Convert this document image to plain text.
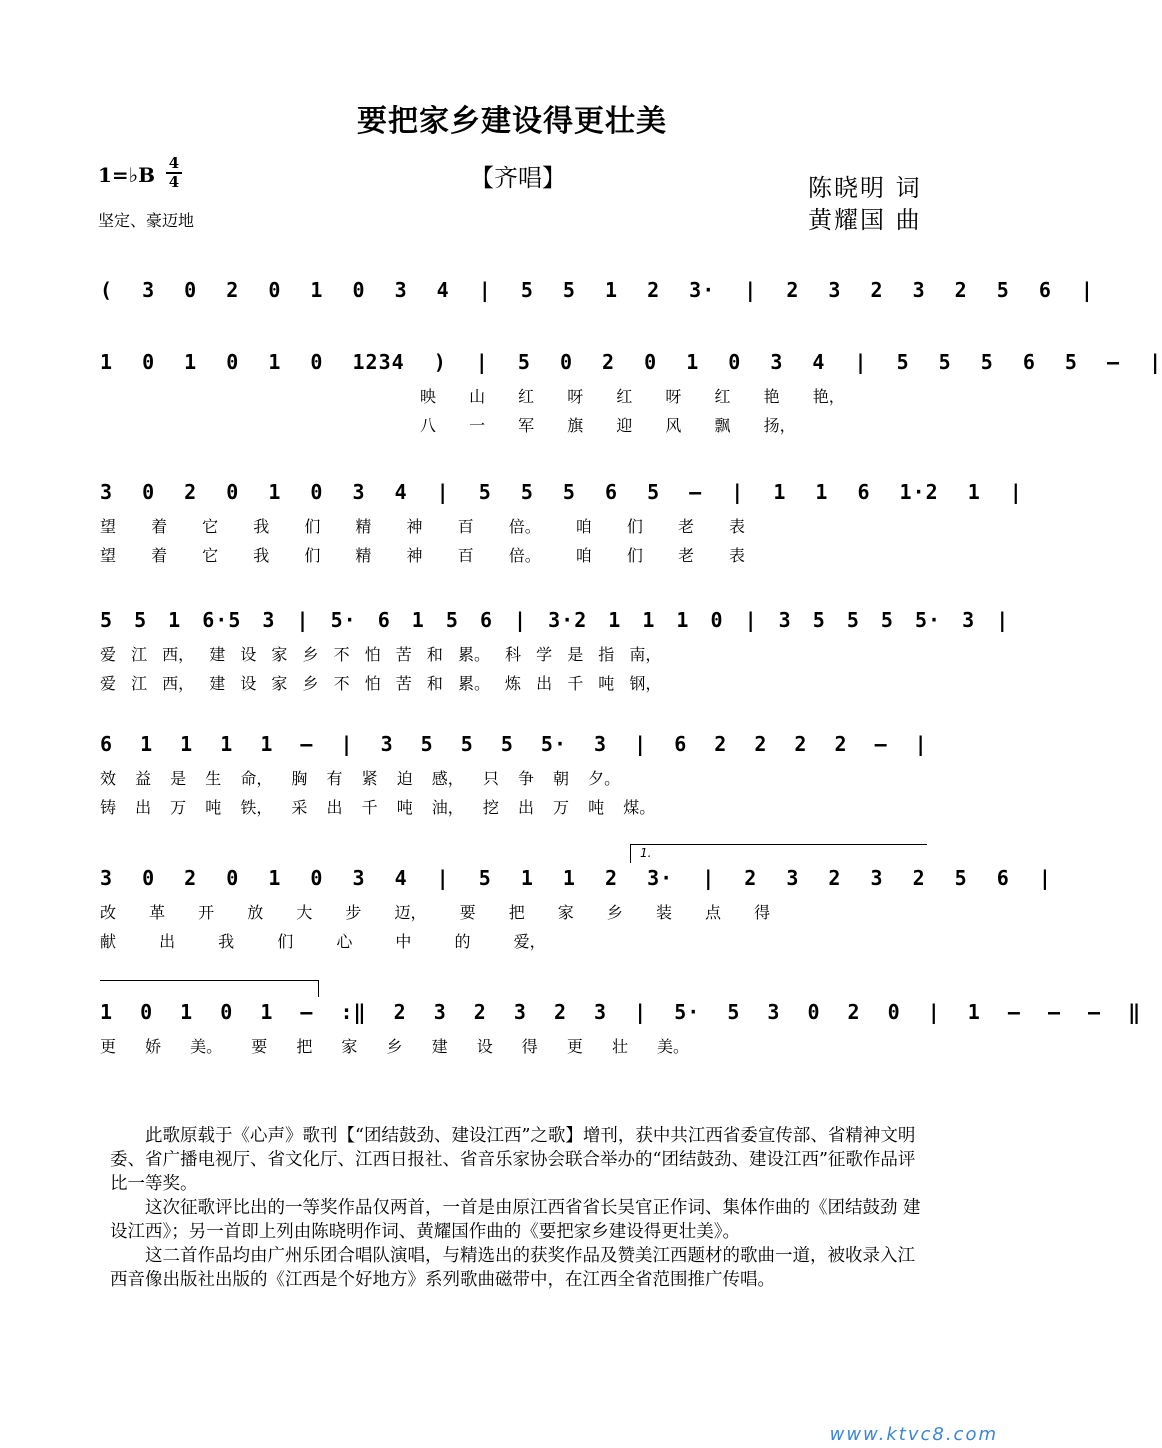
要把家乡建设得更壮美
1=♭B 4
4
坚定、豪迈地
【齐唱】	陈晓明 词
黄耀国 曲
( 3 0 2 0 1 0 3 4 | 5 5 1 2 3· | 2 3 2 3 2 5 6 |
1 0 1 0 1 0 1234 ) | 5 0 2 0 1 0 3 4 | 5 5 5 6 5 – |
映 山 红 呀 红 呀 红 艳 艳，
八 一 军 旗 迎 风 飘 扬，
3 0 2 0 1 0 3 4 | 5 5 5 6 5 – | 1 1 6 1·2 1 |
望 着 它 我 们 精 神 百 倍。 咱 们 老 表
望 着 它 我 们 精 神 百 倍。 咱 们 老 表
5 5 1 6·5 3 | 5· 6 1 5 6 | 3·2 1 1 1 0 | 3 5 5 5 5· 3 |
爱 江 西， 建 设 家 乡 不 怕 苦 和 累。 科 学 是 指 南，
爱 江 西， 建 设 家 乡 不 怕 苦 和 累。 炼 出 千 吨 钢，
6 1 1 1 1 – | 3 5 5 5 5· 3 | 6 2 2 2 2 – |
效 益 是 生 命， 胸 有 紧 迫 感， 只 争 朝 夕。
铸 出 万 吨 铁， 采 出 千 吨 油， 挖 出 万 吨 煤。
1.
3 0 2 0 1 0 3 4 | 5 1 1 2 3· | 2 3 2 3 2 5 6 |
改 革 开 放 大 步 迈， 要 把 家 乡 装 点 得
献 出 我 们 心 中 的 爱，
1 0 1 0 1 – :‖ 2 3 2 3 2 3 | 5· 5 3 0 2 0 | 1 – – – ‖
更 娇 美。 要 把 家 乡 建 设 得 更 壮 美。

此歌原载于《心声》歌刊【“团结鼓劲、建设江西”之歌】增刊，获中共江西省委宣传部、省精神文明委、省广播电视厅、省文化厅、江西日报社、省音乐家协会联合举办的“团结鼓劲、建设江西”征歌作品评比一等奖。

这次征歌评比出的一等奖作品仅两首，一首是由原江西省省长吴官正作词、集体作曲的《团结鼓劲 建设江西》；另一首即上列由陈晓明作词、黄耀国作曲的《要把家乡建设得更壮美》。

这二首作品均由广州乐团合唱队演唱，与精选出的获奖作品及赞美江西题材的歌曲一道，被收录入江西音像出版社出版的《江西是个好地方》系列歌曲磁带中，在江西全省范围推广传唱。

www.ktvc8.com
